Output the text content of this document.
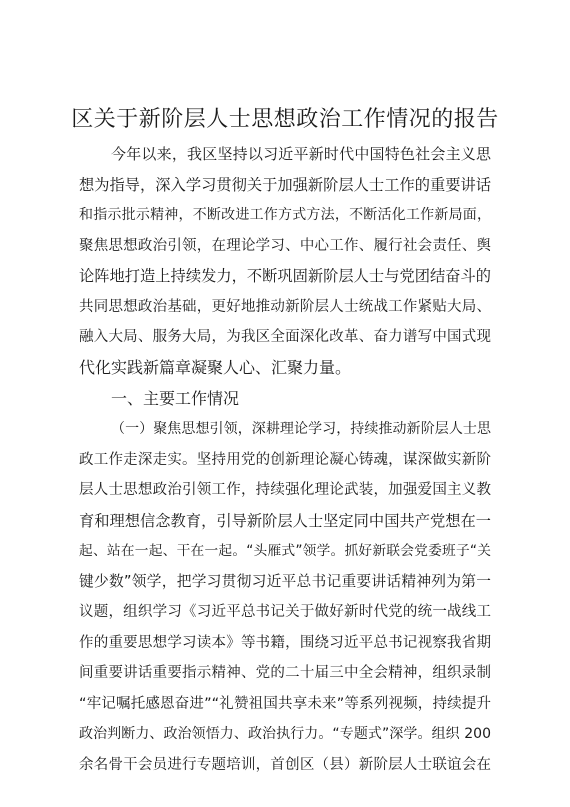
区关于新阶层人士思想政治工作情况的报告

今年以来，我区坚持以习近平新时代中国特色社会主义思

想为指导，深入学习贯彻关于加强新阶层人士工作的重要讲话

和指示批示精神，不断改进工作方式方法，不断活化工作新局面，

聚焦思想政治引领，在理论学习、中心工作、履行社会责任、舆

论阵地打造上持续发力，不断巩固新阶层人士与党团结奋斗的

共同思想政治基础，更好地推动新阶层人士统战工作紧贴大局、

融入大局、服务大局，为我区全面深化改革、奋力谱写中国式现

代化实践新篇章凝聚人心、汇聚力量。

一、主要工作情况

（一）聚焦思想引领，深耕理论学习，持续推动新阶层人士思

政工作走深走实。坚持用党的创新理论凝心铸魂，谋深做实新阶

层人士思想政治引领工作，持续强化理论武装，加强爱国主义教

育和理想信念教育，引导新阶层人士坚定同中国共产党想在一

起、站在一起、干在一起。“头雁式”领学。抓好新联会党委班子“关

键少数”领学，把学习贯彻习近平总书记重要讲话精神列为第一

议题，组织学习《习近平总书记关于做好新时代党的统一战线工

作的重要思想学习读本》等书籍，围绕习近平总书记视察我省期

间重要讲话重要指示精神、党的二十届三中全会精神，组织录制

“牢记嘱托感恩奋进”“礼赞祖国共享未来”等系列视频，持续提升

政治判断力、政治领悟力、政治执行力。“专题式”深学。组织 200

余名骨干会员进行专题培训，首创区（县）新阶层人士联谊会在
